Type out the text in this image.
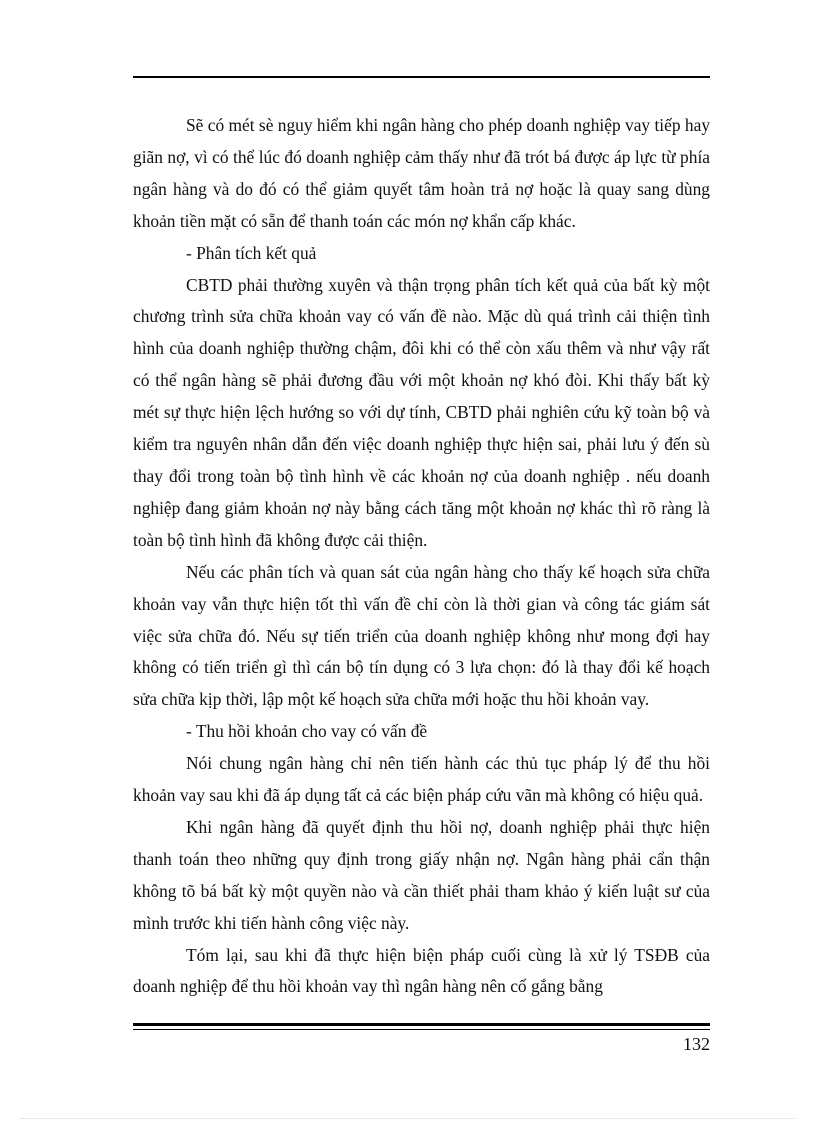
Sẽ có mét sè nguy hiểm khi ngân hàng cho phép doanh nghiệp vay tiếp hay giãn nợ, vì có thể lúc đó doanh nghiệp cảm thấy như đã trót bá được áp lực từ phía ngân hàng và do đó có thể giảm quyết tâm hoàn trả nợ hoặc là quay sang dùng khoản tiền mặt có sẵn để thanh toán các món nợ khẩn cấp khác.

- Phân tích kết quả

CBTD phải thường xuyên và thận trọng phân tích kết quả của bất kỳ một chương trình sửa chữa khoản vay có vấn đề nào. Mặc dù quá trình cải thiện tình hình của doanh nghiệp thường chậm, đôi khi có thể còn xấu thêm và như vậy rất có thể ngân hàng sẽ phải đương đầu với một khoản nợ khó đòi. Khi thấy bất kỳ mét sự thực hiện lệch hướng so với dự tính, CBTD phải nghiên cứu kỹ toàn bộ và kiểm tra nguyên nhân dẫn đến việc doanh nghiệp thực hiện sai, phải lưu ý đến sù thay đổi trong toàn bộ tình hình về các khoản nợ của doanh nghiệp . nếu doanh nghiệp đang giảm khoản nợ này bằng cách tăng một khoản nợ khác thì rõ ràng là toàn bộ tình hình đã không được cải thiện.

Nếu các phân tích và quan sát của ngân hàng cho thấy kế hoạch sửa chữa khoản vay vẫn thực hiện tốt thì vấn đề chỉ còn là thời gian và công tác giám sát việc sửa chữa đó. Nếu sự tiến triển của doanh nghiệp không như mong đợi hay không có tiến triển gì thì cán bộ tín dụng có 3 lựa chọn: đó là thay đổi kế hoạch sửa chữa kịp thời, lập một kế hoạch sửa chữa mới hoặc thu hồi khoản vay.

- Thu hồi khoản cho vay có vấn đề

Nói chung ngân hàng chỉ nên tiến hành các thủ tục pháp lý để thu hồi khoản vay sau khi đã áp dụng tất cả các biện pháp cứu vãn mà không có hiệu quả.

Khi ngân hàng đã quyết định thu hồi nợ, doanh nghiệp phải thực hiện thanh toán theo những quy định trong giấy nhận nợ. Ngân hàng phải cẩn thận không tõ bá bất kỳ một quyền nào và cần thiết phải tham khảo ý kiến luật sư của mình trước khi tiến hành công việc này.

Tóm lại, sau khi đã thực hiện biện pháp cuối cùng là xử lý TSĐB của doanh nghiệp để thu hồi khoản vay thì ngân hàng nên cố gắng bằng

132
